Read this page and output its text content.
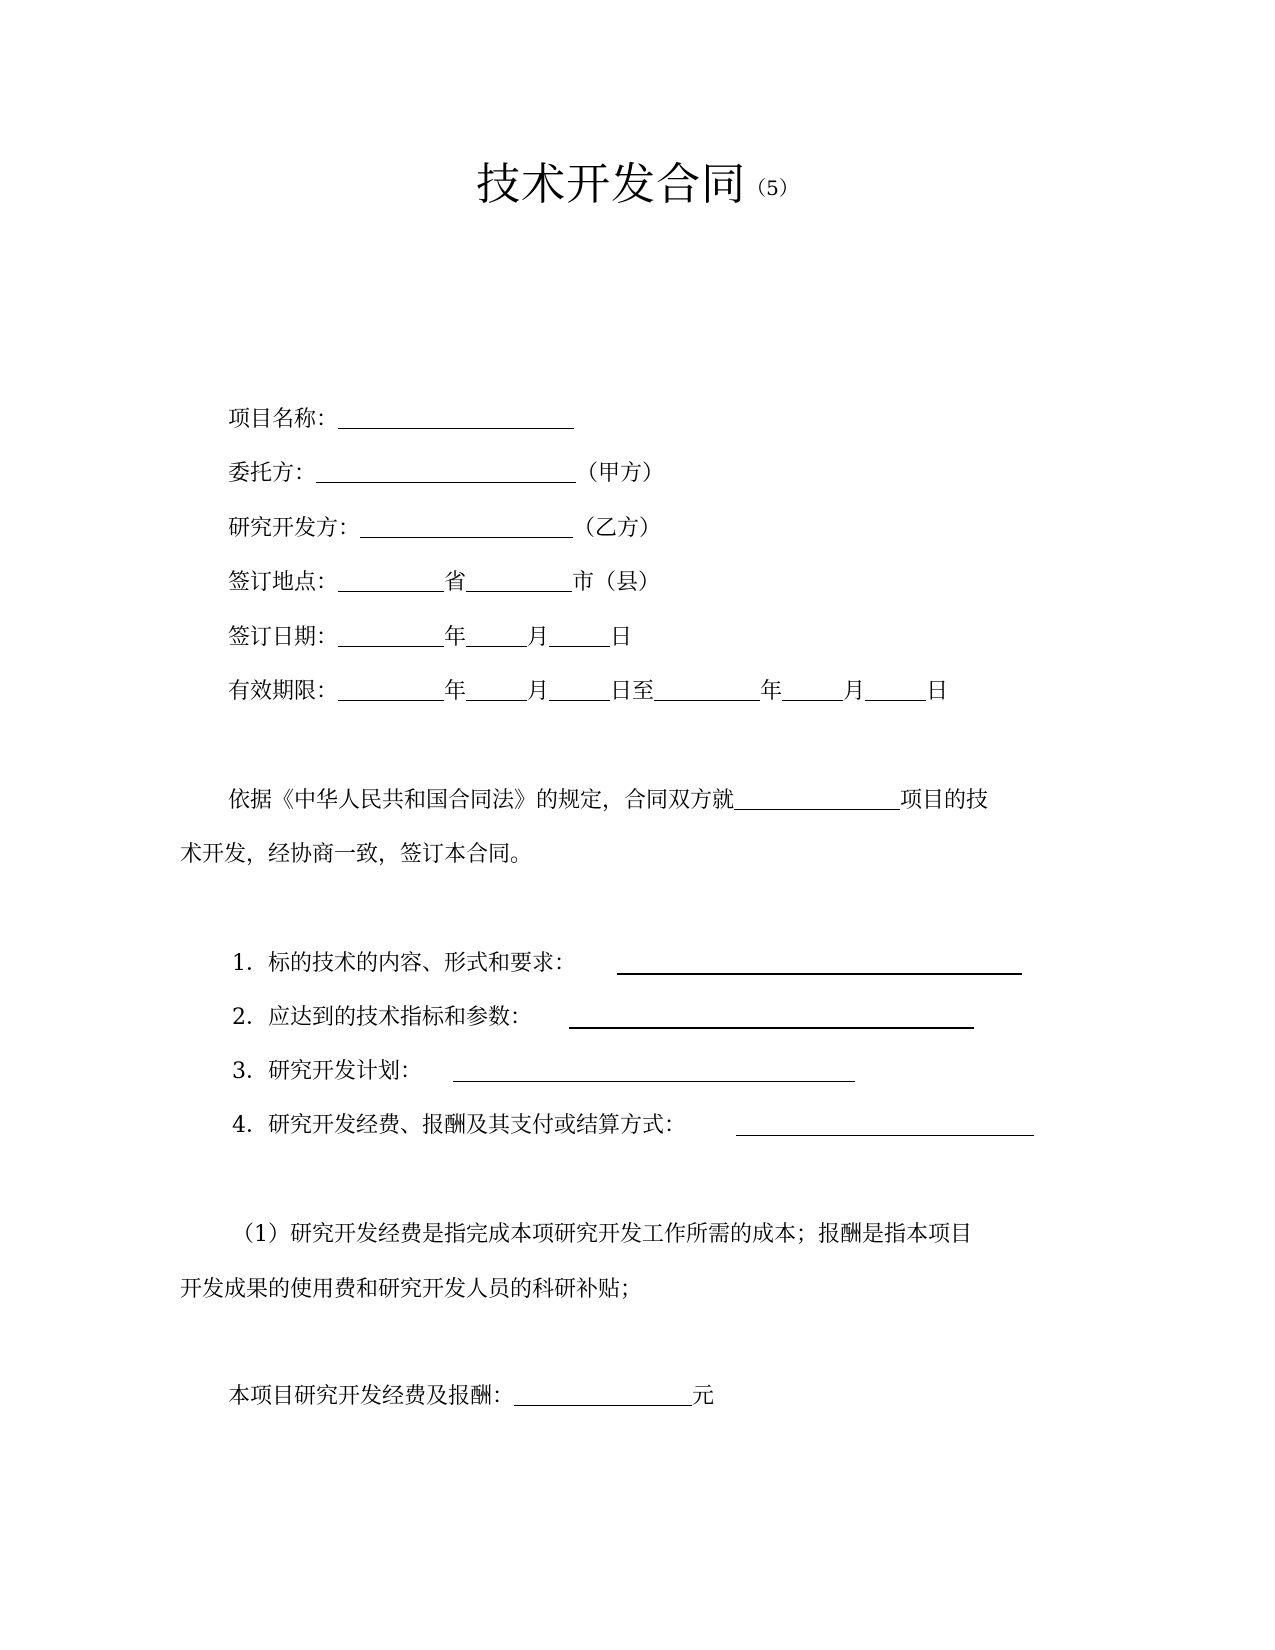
技术开发合同（5）
项目名称：
委托方：	（甲方）
研究开发方：	（乙方）
签订地点：	省	市（县）
签订日期：	年	月	日
有效期限：	年	月	日至	年	月	日
依据《中华人民共和国合同法》的规定，合同双方就	项目的技
术开发，经协商一致，签订本合同。
1．标的技术的内容、形式和要求：
2．应达到的技术指标和参数：
3．研究开发计划：
4．研究开发经费、报酬及其支付或结算方式：
（1）研究开发经费是指完成本项研究开发工作所需的成本；报酬是指本项目
开发成果的使用费和研究开发人员的科研补贴；
本项目研究开发经费及报酬：	元
